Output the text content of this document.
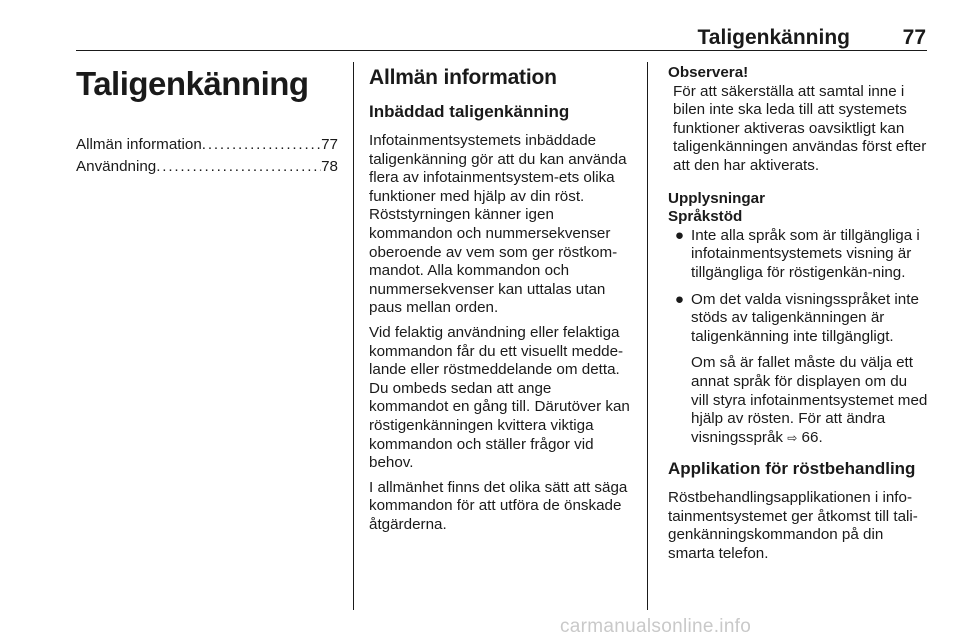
Taligenkänning	77
Taligenkänning
Allmän information . . .	77
Användning . . .	78
Allmän information
Inbäddad taligenkänning

Infotainmentsystemets inbäddade taligenkänning gör att du kan använda flera av infotainmentsystem-ets olika funktioner med hjälp av din röst. Röststyrningen känner igen kommandon och nummersekvenser oberoende av vem som ger röstkom-mandot. Alla kommandon och nummersekvenser kan uttalas utan paus mellan orden.

Vid felaktig användning eller felaktiga kommandon får du ett visuellt medde-lande eller röstmeddelande om detta. Du ombeds sedan att ange kommandot en gång till. Därutöver kan röstigenkänningen kvittera viktiga kommandon och ställer frågor vid behov.

I allmänhet finns det olika sätt att säga kommandon för att utföra de önskade åtgärderna.

Observera!
För att säkerställa att samtal inne i bilen inte ska leda till att systemets funktioner aktiveras oavsiktligt kan taligenkänningen användas först efter att den har aktiverats.
Upplysningar
Språkstöd
● Inte alla språk som är tillgängliga i infotainmentsystemets visning är tillgängliga för röstigenkän-ning.
● Om det valda visningsspråket inte stöds av taligenkänningen är taligenkänning inte tillgängligt.
Om så är fallet måste du välja ett annat språk för displayen om du vill styra infotainmentsystemet med hjälp av rösten. För att ändra visningsspråk ⇨ 66.
Applikation för röstbehandling

Röstbehandlingsapplikationen i info-tainmentsystemet ger åtkomst till tali-genkänningskommandon på din smarta telefon.

carmanualsonline.info
